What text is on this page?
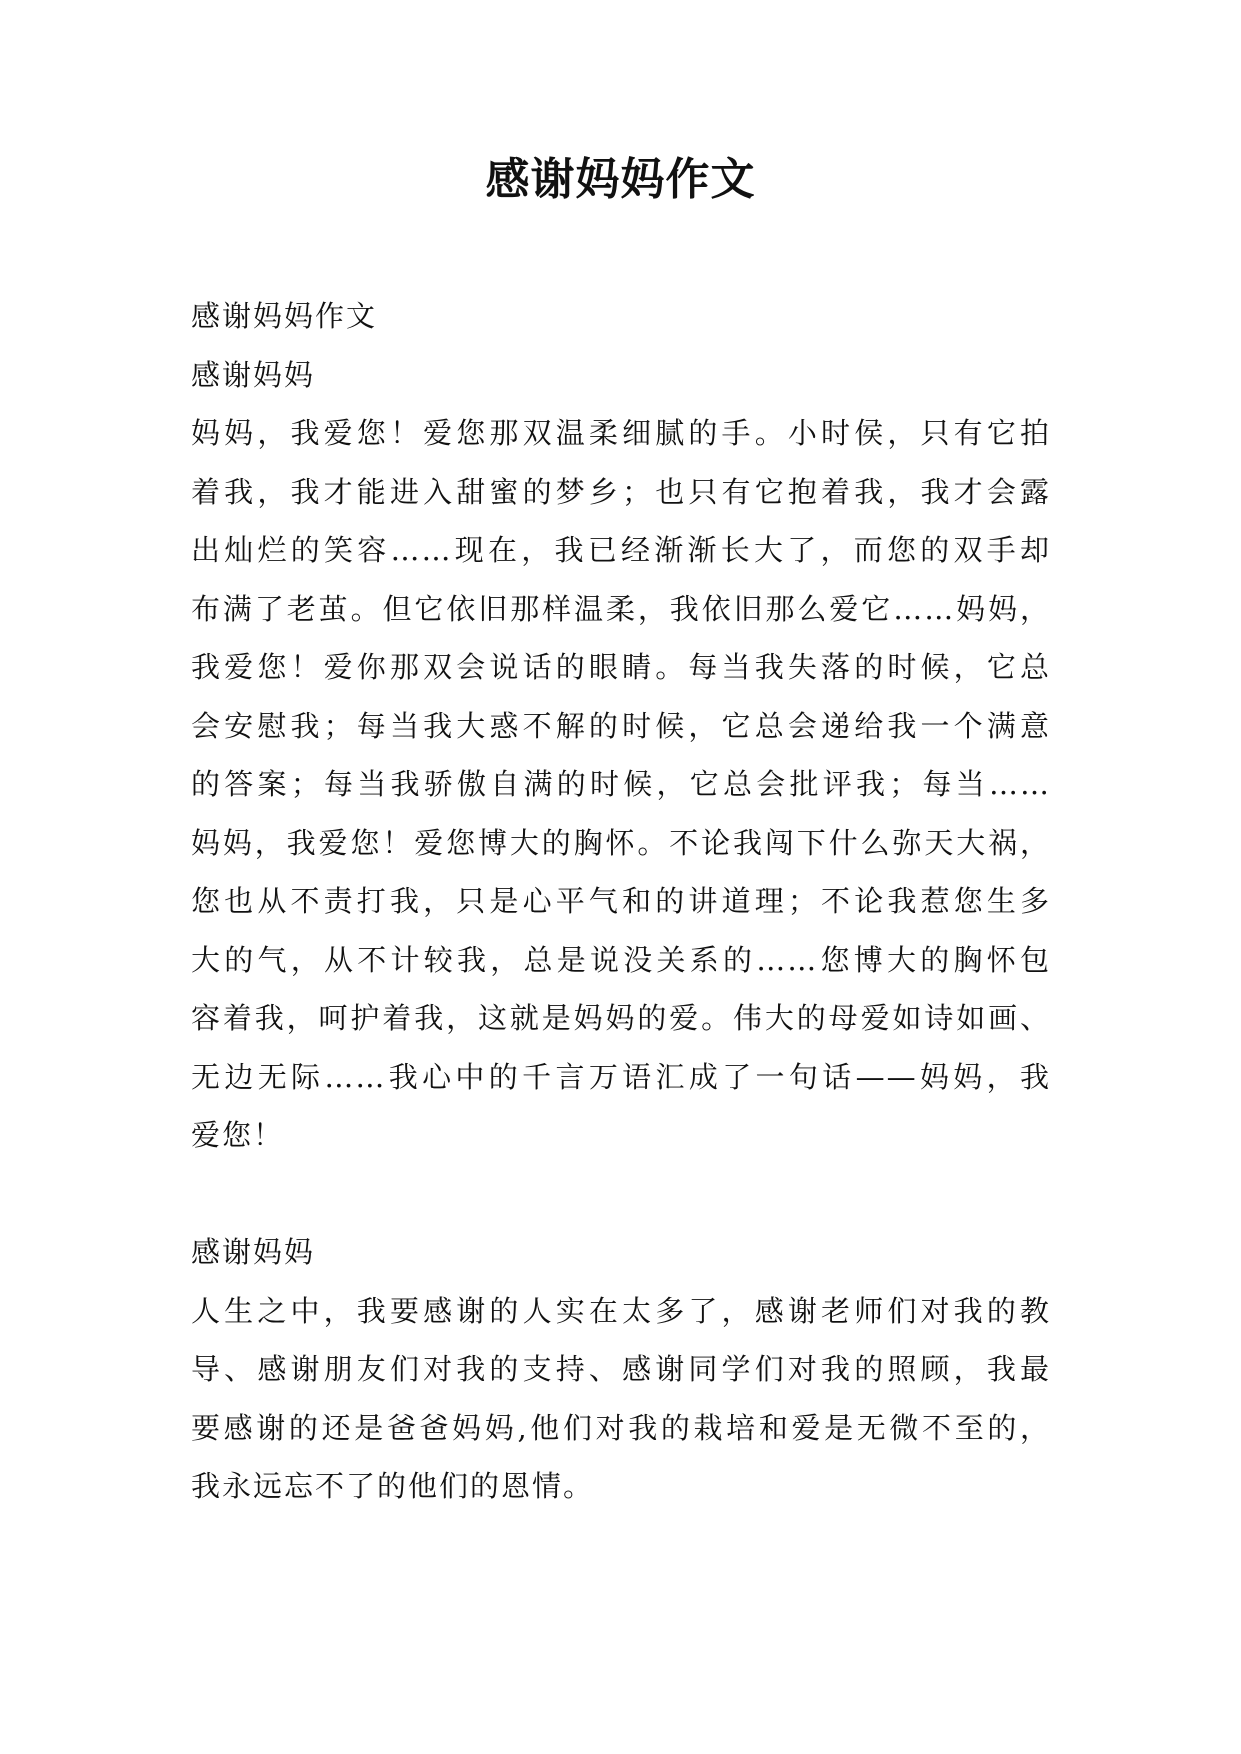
感谢妈妈作文
感谢妈妈作文
感谢妈妈
妈妈，我爱您！爱您那双温柔细腻的手。小时侯，只有它拍
着我，我才能进入甜蜜的梦乡；也只有它抱着我，我才会露
出灿烂的笑容……现在，我已经渐渐长大了，而您的双手却
布满了老茧。但它依旧那样温柔，我依旧那么爱它……妈妈，
我爱您！爱你那双会说话的眼睛。每当我失落的时候，它总
会安慰我；每当我大惑不解的时候，它总会递给我一个满意
的答案；每当我骄傲自满的时候，它总会批评我；每当……
妈妈，我爱您！爱您博大的胸怀。不论我闯下什么弥天大祸，
您也从不责打我，只是心平气和的讲道理；不论我惹您生多
大的气，从不计较我，总是说没关系的……您博大的胸怀包
容着我，呵护着我，这就是妈妈的爱。伟大的母爱如诗如画、
无边无际……我心中的千言万语汇成了一句话——妈妈，我
爱您！
感谢妈妈
人生之中，我要感谢的人实在太多了，感谢老师们对我的教
导、感谢朋友们对我的支持、感谢同学们对我的照顾，我最
要感谢的还是爸爸妈妈,他们对我的栽培和爱是无微不至的，
我永远忘不了的他们的恩情。
